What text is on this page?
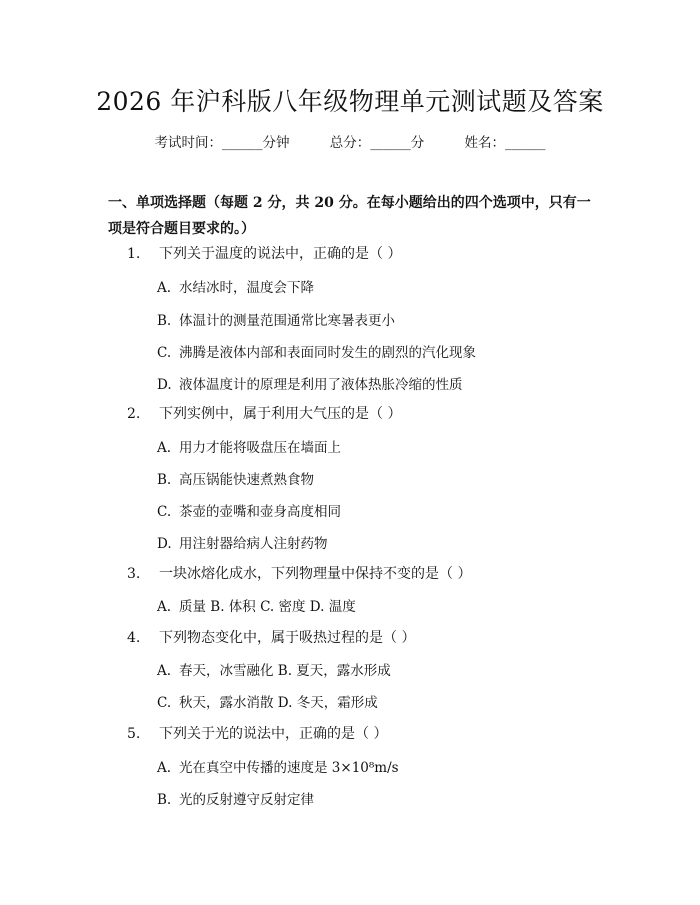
2026 年沪科版八年级物理单元测试题及答案
考试时间：______分钟	总分：______分	姓名：______
一、单项选择题（每题 2 分，共 20 分。在每小题给出的四个选项中，只有一项是符合题目要求的。）
1. 下列关于温度的说法中，正确的是（ ）
A. 水结冰时，温度会下降
B. 体温计的测量范围通常比寒暑表更小
C. 沸腾是液体内部和表面同时发生的剧烈的汽化现象
D. 液体温度计的原理是利用了液体热胀冷缩的性质
2. 下列实例中，属于利用大气压的是（ ）
A. 用力才能将吸盘压在墙面上
B. 高压锅能快速煮熟食物
C. 茶壶的壶嘴和壶身高度相同
D. 用注射器给病人注射药物
3. 一块冰熔化成水，下列物理量中保持不变的是（ ）
A. 质量 B. 体积 C. 密度 D. 温度
4. 下列物态变化中，属于吸热过程的是（ ）
A. 春天，冰雪融化 B. 夏天，露水形成
C. 秋天，露水消散 D. 冬天，霜形成
5. 下列关于光的说法中，正确的是（ ）
A. 光在真空中传播的速度是 3×10⁸m/s
B. 光的反射遵守反射定律
